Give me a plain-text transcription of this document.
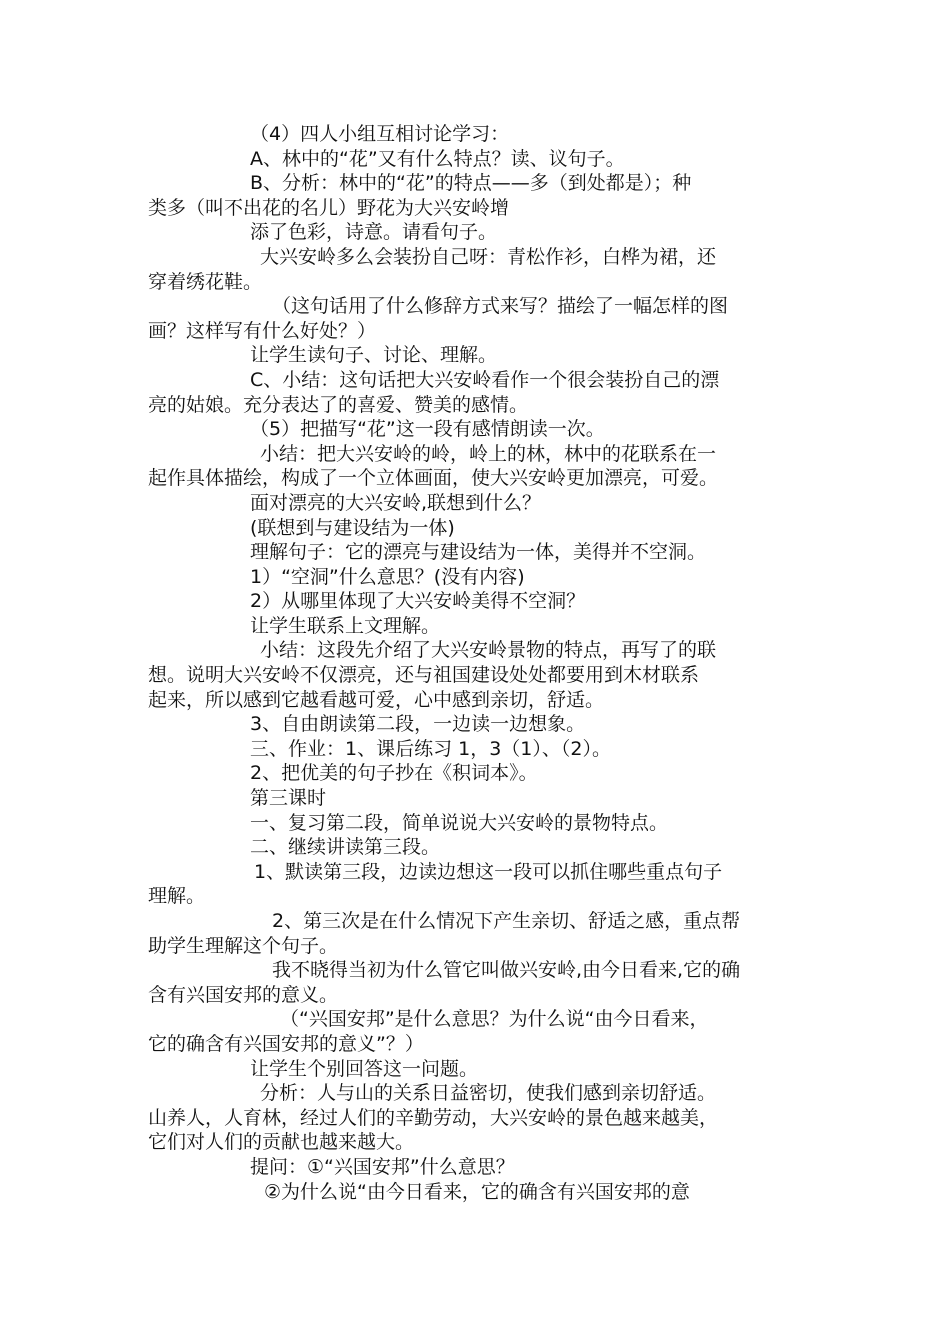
（4）四人小组互相讨论学习：
A、林中的“花”又有什么特点？读、议句子。
B、分析：林中的“花”的特点——多（到处都是）；种
类多（叫不出花的名儿）野花为大兴安岭增
添了色彩，诗意。请看句子。
大兴安岭多么会装扮自己呀：青松作衫，白桦为裙，还
穿着绣花鞋。
（这句话用了什么修辞方式来写？描绘了一幅怎样的图
画？这样写有什么好处？）
让学生读句子、讨论、理解。
C、小结：这句话把大兴安岭看作一个很会装扮自己的漂
亮的姑娘。充分表达了的喜爱、赞美的感情。
（5）把描写“花”这一段有感情朗读一次。
小结：把大兴安岭的岭，岭上的林，林中的花联系在一
起作具体描绘，构成了一个立体画面，使大兴安岭更加漂亮，可爱。
面对漂亮的大兴安岭,联想到什么？
(联想到与建设结为一体)
理解句子：它的漂亮与建设结为一体，美得并不空洞。
1）“空洞”什么意思？(没有内容)
2）从哪里体现了大兴安岭美得不空洞？
让学生联系上文理解。
小结：这段先介绍了大兴安岭景物的特点，再写了的联
想。说明大兴安岭不仅漂亮，还与祖国建设处处都要用到木材联系
起来，所以感到它越看越可爱，心中感到亲切，舒适。
3、自由朗读第二段，一边读一边想象。
三、作业：1、课后练习 1，3（1）、（2）。
2、把优美的句子抄在《积词本》。
第三课时
一、复习第二段，简单说说大兴安岭的景物特点。
二、继续讲读第三段。
1、默读第三段，边读边想这一段可以抓住哪些重点句子
理解。
2、第三次是在什么情况下产生亲切、舒适之感，重点帮
助学生理解这个句子。
我不晓得当初为什么管它叫做兴安岭,由今日看来,它的确
含有兴国安邦的意义。
（“兴国安邦”是什么意思？为什么说“由今日看来，
它的确含有兴国安邦的意义”？）
让学生个别回答这一问题。
分析：人与山的关系日益密切，使我们感到亲切舒适。
山养人，人育林，经过人们的辛勤劳动，大兴安岭的景色越来越美，
它们对人们的贡献也越来越大。
提问：①“兴国安邦”什么意思？
②为什么说“由今日看来，它的确含有兴国安邦的意
